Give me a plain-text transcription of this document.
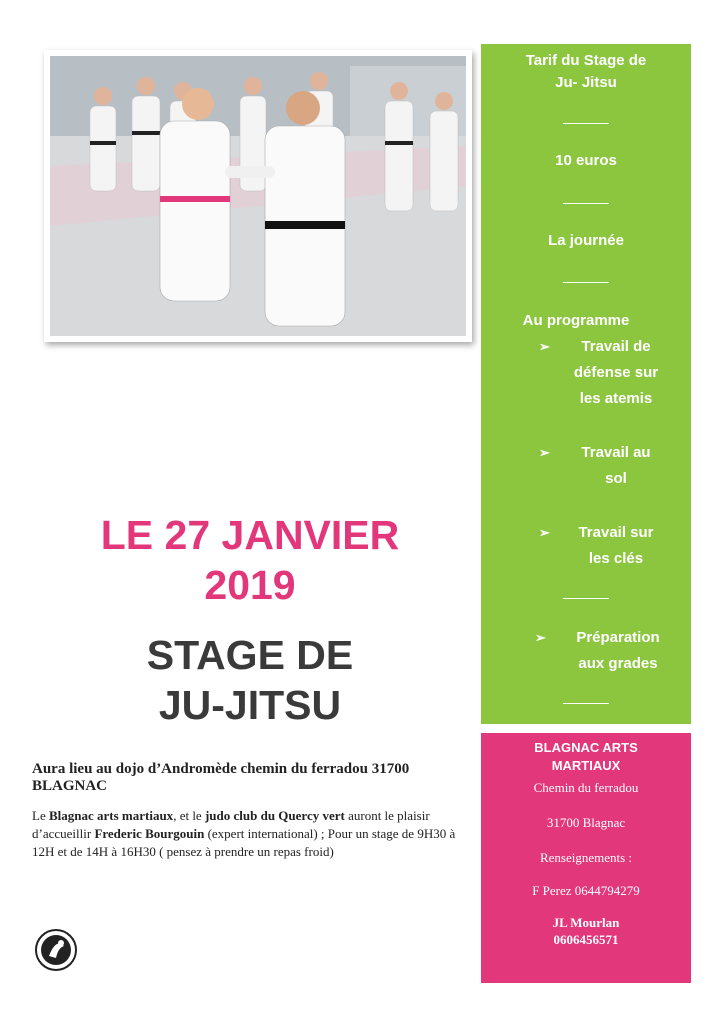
Tarif du Stage de
Ju- Jitsu
10 euros
La journée
Au programme
➢	Travail de
défense sur
les atemis
➢	Travail au
sol
➢	Travail sur
les clés
➢	Préparation
aux grades
LE 27 JANVIER
2019
STAGE DE
JU-JITSU
Aura lieu au dojo d’Andromède chemin du ferradou 31700 BLAGNAC
Le Blagnac arts martiaux, et le judo club du Quercy vert auront le plaisir d’accueillir Frederic Bourgouin (expert international) ; Pour un stage de 9H30 à 12H et de 14H à 16H30 ( pensez à prendre un repas froid)
BLAGNAC ARTS
MARTIAUX
Chemin du ferradou
31700 Blagnac
Renseignements :
F Perez 0644794279
JL Mourlan
0606456571
